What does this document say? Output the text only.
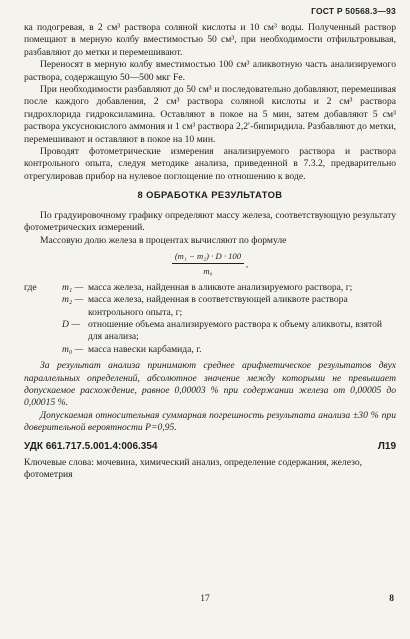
ГОСТ Р 50568.3—93

ка подогревая, в 2 см³ раствора соляной кислоты и 10 см³ воды. Полученный раствор помещают в мерную колбу вместимостью 50 см³, при необходимости отфильтровывая, разбавляют до метки и перемешивают.

Переносят в мерную колбу вместимостью 100 см³ аликвотную часть анализируемого раствора, содержащую 50—500 мкг Fe.

При необходимости разбавляют до 50 см³ и последовательно добавляют, перемешивая после каждого добавления, 2 см³ раствора соляной кислоты и 2 см³ раствора гидрохлорида гидроксиламина. Оставляют в покое на 5 мин, затем добавляют 5 см³ раствора уксуснокислого аммония и 1 см³ раствора 2,2′-бипиридила. Разбавляют до метки, перемешивают и оставляют в покое на 10 мин.

Проводят фотометрические измерения анализируемого раствора и раствора контрольного опыта, следуя методике анализа, приведенной в 7.3.2, предварительно отрегулировав прибор на нулевое поглощение по отношению к воде.

8 ОБРАБОТКА РЕЗУЛЬТАТОВ

По градуировочному графику определяют массу железа, соответствующую результату фотометрических измерений.

Массовую долю железа в процентах вычисляют по формуле

$\frac{\text{(m₁ − m₂) · D · 100}}{\text{m₀}}$ ,
где	m₁ — масса железа, найденная в аликвоте анализируемого раствора, г;
m₂ — масса железа, найденная в соответствующей аликвоте раствора контрольного опыта, г;
D — отношение объема анализируемого раствора к объему аликвоты, взятой для анализа;
m₀ — масса навески карбамида, г.

За результат анализа принимают среднее арифметическое результатов двух параллельных определений, абсолютное значение между которыми не превышает допускаемое расхождение, равное 0,00003 % при содержании железа от 0,00005 до 0,00015 %.

Допускаемая относительная суммарная погрешность результата анализа ±30 % при доверительной вероятности P=0,95.

УДК 661.717.5.001.4:006.354	Л19

Ключевые слова: мочевина, химический анализ, определение содержания, железо, фотометрия

17	8
